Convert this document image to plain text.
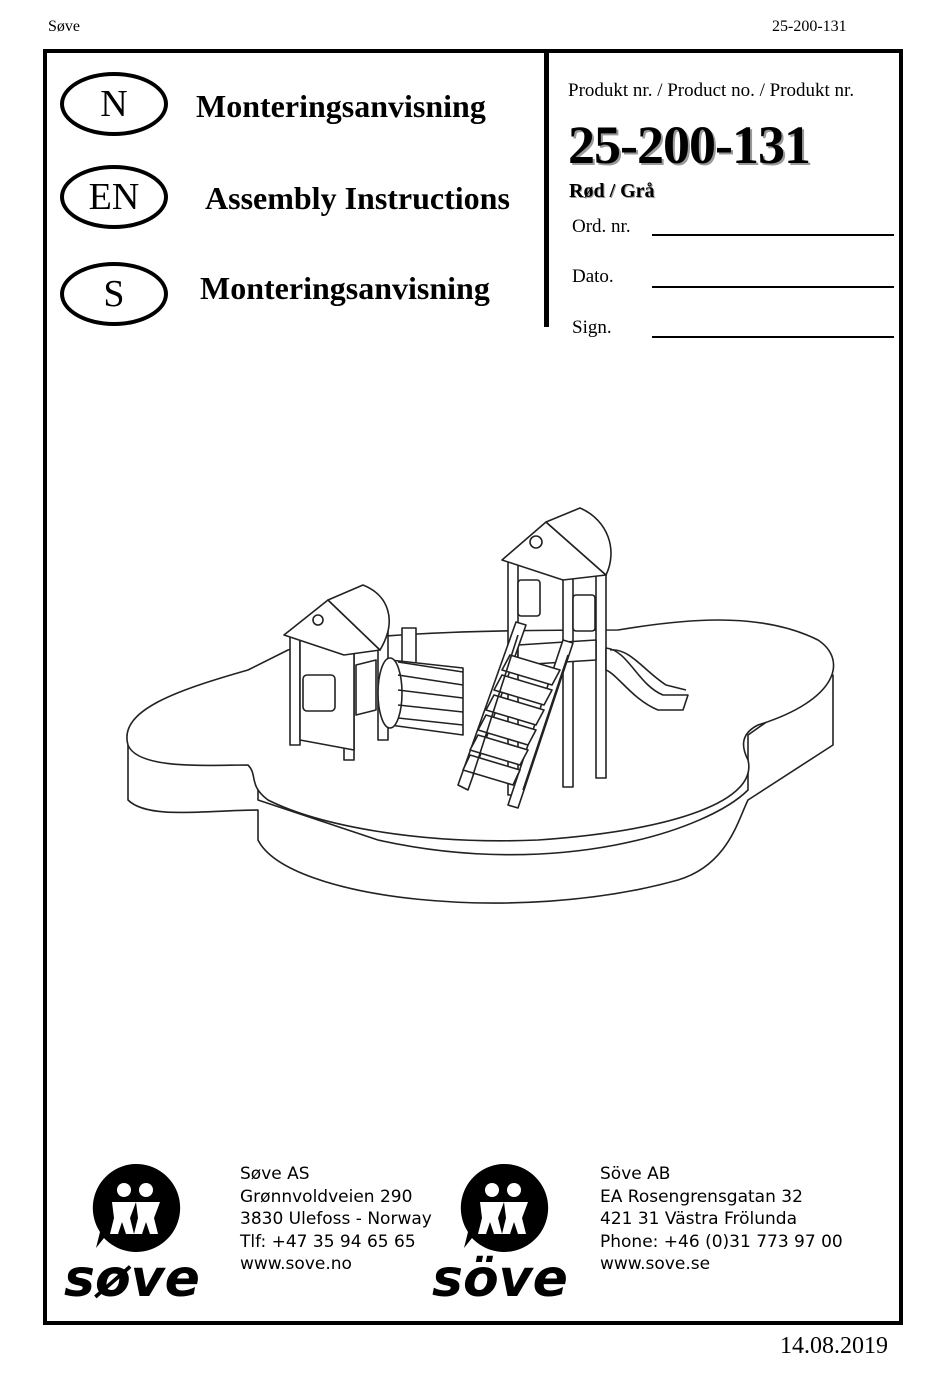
Søve	25-200-131
N	Monteringsanvisning
EN	Assembly Instructions
S	Monteringsanvisning
Produkt nr. / Product no. / Produkt nr.
25-200-131
Rød / Grå
Ord. nr.
Dato.
Sign.
søve
Søve AS
Grønnvoldveien 290
3830 Ulefoss - Norway
Tlf: +47 35 94 65 65
www.sove.no	söve
Söve AB
EA Rosengrensgatan 32
421 31 Västra Frölunda
Phone: +46 (0)31 773 97 00
www.sove.se
14.08.2019
